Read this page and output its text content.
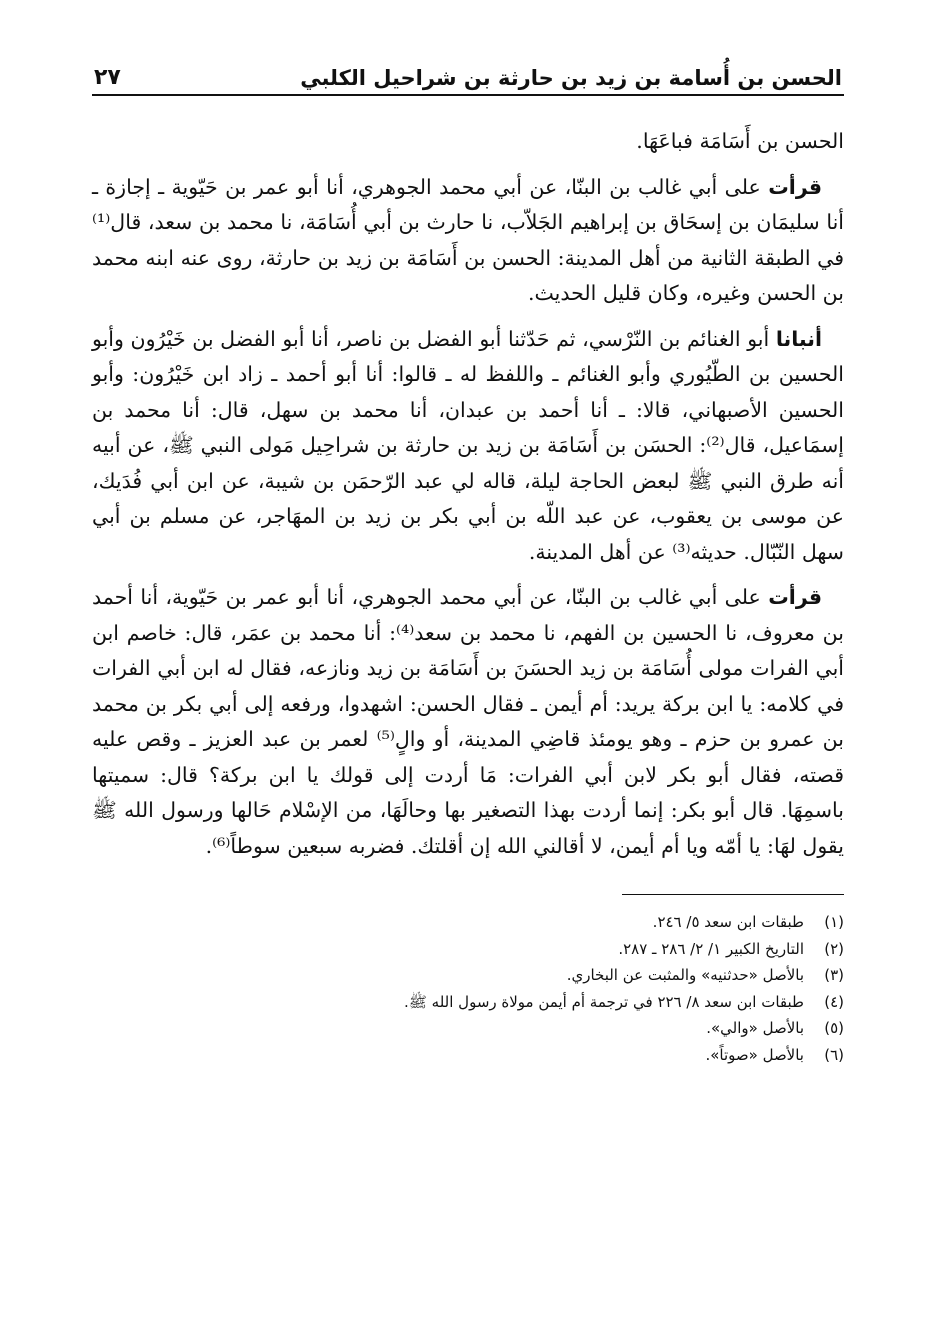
الحسن بن أُسامة بن زيد بن حارثة بن شراحيل الكلبي
٢٧

الحسن بن أَسَامَة فباعَهَا.

قرأت على أبي غالب بن البنّا، عن أبي محمد الجوهري، أنا أبو عمر بن حَيّوية ـ إجازة ـ أنا سليمَان بن إسحَاق بن إبراهيم الجَلاّب، نا حارث بن أبي أُسَامَة، نا محمد بن سعد، قال⁽¹⁾ في الطبقة الثانية من أهل المدينة: الحسن بن أَسَامَة بن زيد بن حارثة، روى عنه ابنه محمد بن الحسن وغيره، وكان قليل الحديث.

أنبانا أبو الغنائم بن النّرْسي، ثم حَدّثنا أبو الفضل بن ناصر، أنا أبو الفضل بن خَيْرُون وأبو الحسين بن الطّيُوري وأبو الغنائم ـ واللفظ له ـ قالوا: أنا أبو أحمد ـ زاد ابن خَيْرُون: وأبو الحسين الأصبهاني، قالا: ـ أنا أحمد بن عبدان، أنا محمد بن سهل، قال: أنا محمد بن إسمَاعيل، قال⁽²⁾: الحسَن بن أَسَامَة بن زيد بن حارثة بن شراحِيل مَولى النبي ﷺ، عن أبيه أنه طرق النبي ﷺ لبعض الحاجة ليلة، قاله لي عبد الرّحمَن بن شيبة، عن ابن أبي فُدَيك، عن موسى بن يعقوب، عن عبد اللّه بن أبي بكر بن زيد بن المهَاجر، عن مسلم بن أبي سهل النّبّال. حديثه⁽³⁾ عن أهل المدينة.

قرأت على أبي غالب بن البنّا، عن أبي محمد الجوهري، أنا أبو عمر بن حَيّوية، أنا أحمد بن معروف، نا الحسين بن الفهم، نا محمد بن سعد⁽⁴⁾: أنا محمد بن عمَر، قال: خاصم ابن أبي الفرات مولى أُسَامَة بن زيد الحسَنَ بن أَسَامَة بن زيد ونازعه، فقال له ابن أبي الفرات في كلامه: يا ابن بركة يريد: أم أيمن ـ فقال الحسن: اشهدوا، ورفعه إلى أبي بكر بن محمد بن عمرو بن حزم ـ وهو يومئذ قاضِي المدينة، أو والٍ⁽⁵⁾ لعمر بن عبد العزيز ـ وقص عليه قصته، فقال أبو بكر لابن أبي الفرات: مَا أردت إلى قولك يا ابن بركة؟ قال: سميتها باسمِهَا. قال أبو بكر: إنما أردت بهذا التصغير بها وحالَهَا، من الإسْلام حَالها ورسول الله ﷺ يقول لهَا: يا أمّه ويا أم أيمن، لا أقالني الله إن أقلتك. فضربه سبعين سوطاً⁽⁶⁾.

(١)
طبقات ابن سعد ٥/ ٢٤٦.
(٢)
التاريخ الكبير ١/ ٢/ ٢٨٦ ـ ٢٨٧.
(٣)
بالأصل «حدثنيه» والمثبت عن البخاري.
(٤)
طبقات ابن سعد ٨/ ٢٢٦ في ترجمة أم أيمن مولاة رسول الله ﷺ.
(٥)
بالأصل «والي».
(٦)
بالأصل «صوتاً».
